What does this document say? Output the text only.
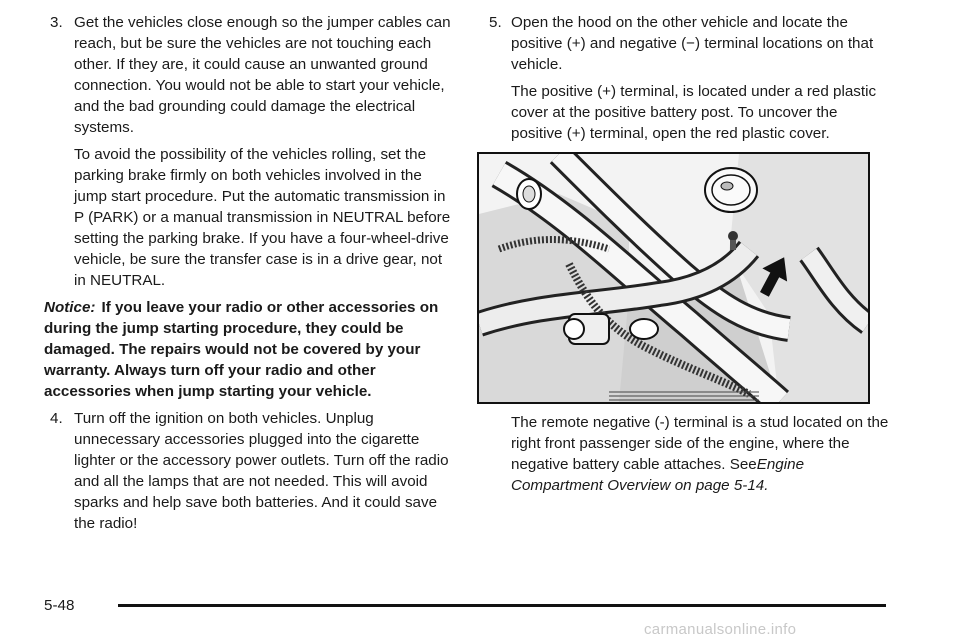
3. Get the vehicles close enough so the jumper cables can reach, but be sure the vehicles are not touching each other. If they are, it could cause an unwanted ground connection. You would not be able to start your vehicle, and the bad grounding could damage the electrical systems.

To avoid the possibility of the vehicles rolling, set the parking brake firmly on both vehicles involved in the jump start procedure. Put the automatic transmission in P (PARK) or a manual transmission in NEUTRAL before setting the parking brake. If you have a four-wheel-drive vehicle, be sure the transfer case is in a drive gear, not in NEUTRAL.

Notice: If you leave your radio or other accessories on during the jump starting procedure, they could be damaged. The repairs would not be covered by your warranty. Always turn off your radio and other accessories when jump starting your vehicle.

4. Turn off the ignition on both vehicles. Unplug unnecessary accessories plugged into the cigarette lighter or the accessory power outlets. Turn off the radio and all the lamps that are not needed. This will avoid sparks and help save both batteries. And it could save the radio!

5. Open the hood on the other vehicle and locate the positive (+) and negative (−) terminal locations on that vehicle.

The positive (+) terminal, is located under a red plastic cover at the positive battery post. To uncover the positive (+) terminal, open the red plastic cover.

The remote negative (-) terminal is a stud located on the right front passenger side of the engine, where the negative battery cable attaches. SeeEngine Compartment Overview on page 5-14.

5-48
carmanualsonline.info
